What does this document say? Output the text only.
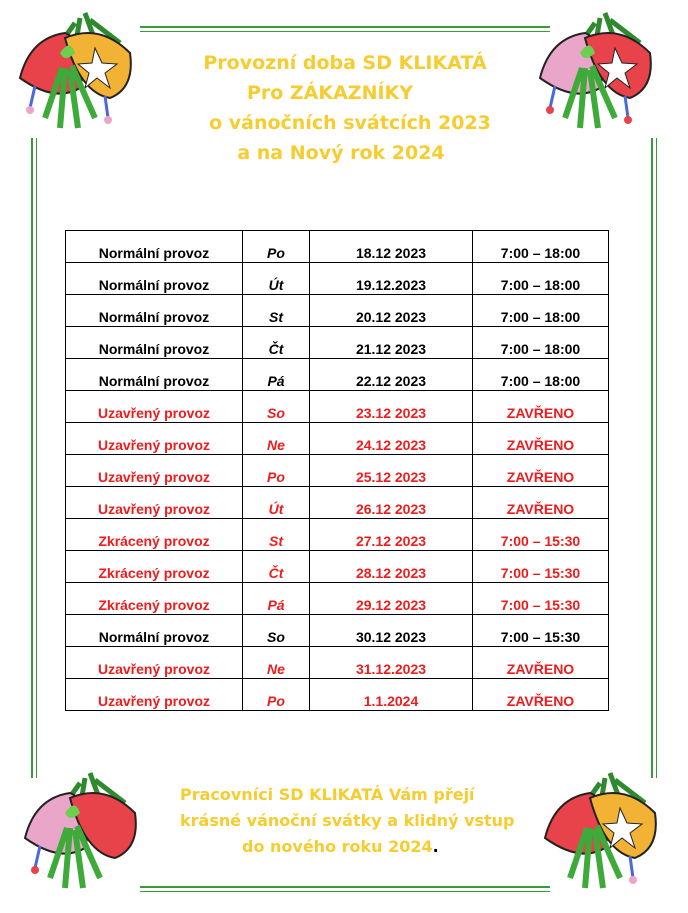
Provozní doba SD KLIKATÁ
Pro ZÁKAZNÍKY
o vánočních svátcích 2023
a na Nový rok 2024
Normální provoz	Po	18.12 2023	7:00 – 18:00
Normální provoz	Út	19.12.2023	7:00 – 18:00
Normální provoz	St	20.12 2023	7:00 – 18:00
Normální provoz	Čt	21.12 2023	7:00 – 18:00
Normální provoz	Pá	22.12 2023	7:00 – 18:00
Uzavřený provoz	So	23.12 2023	ZAVŘENO
Uzavřený provoz	Ne	24.12 2023	ZAVŘENO
Uzavřený provoz	Po	25.12 2023	ZAVŘENO
Uzavřený provoz	Út	26.12 2023	ZAVŘENO
Zkrácený provoz	St	27.12 2023	7:00 – 15:30
Zkrácený provoz	Čt	28.12 2023	7:00 – 15:30
Zkrácený provoz	Pá	29.12 2023	7:00 – 15:30
Normální provoz	So	30.12 2023	7:00 – 15:30
Uzavřený provoz	Ne	31.12.2023	ZAVŘENO
Uzavřený provoz	Po	1.1.2024	ZAVŘENO
Pracovníci SD KLIKATÁ Vám přejí
krásné vánoční svátky a klidný vstup
do nového roku 2024.
